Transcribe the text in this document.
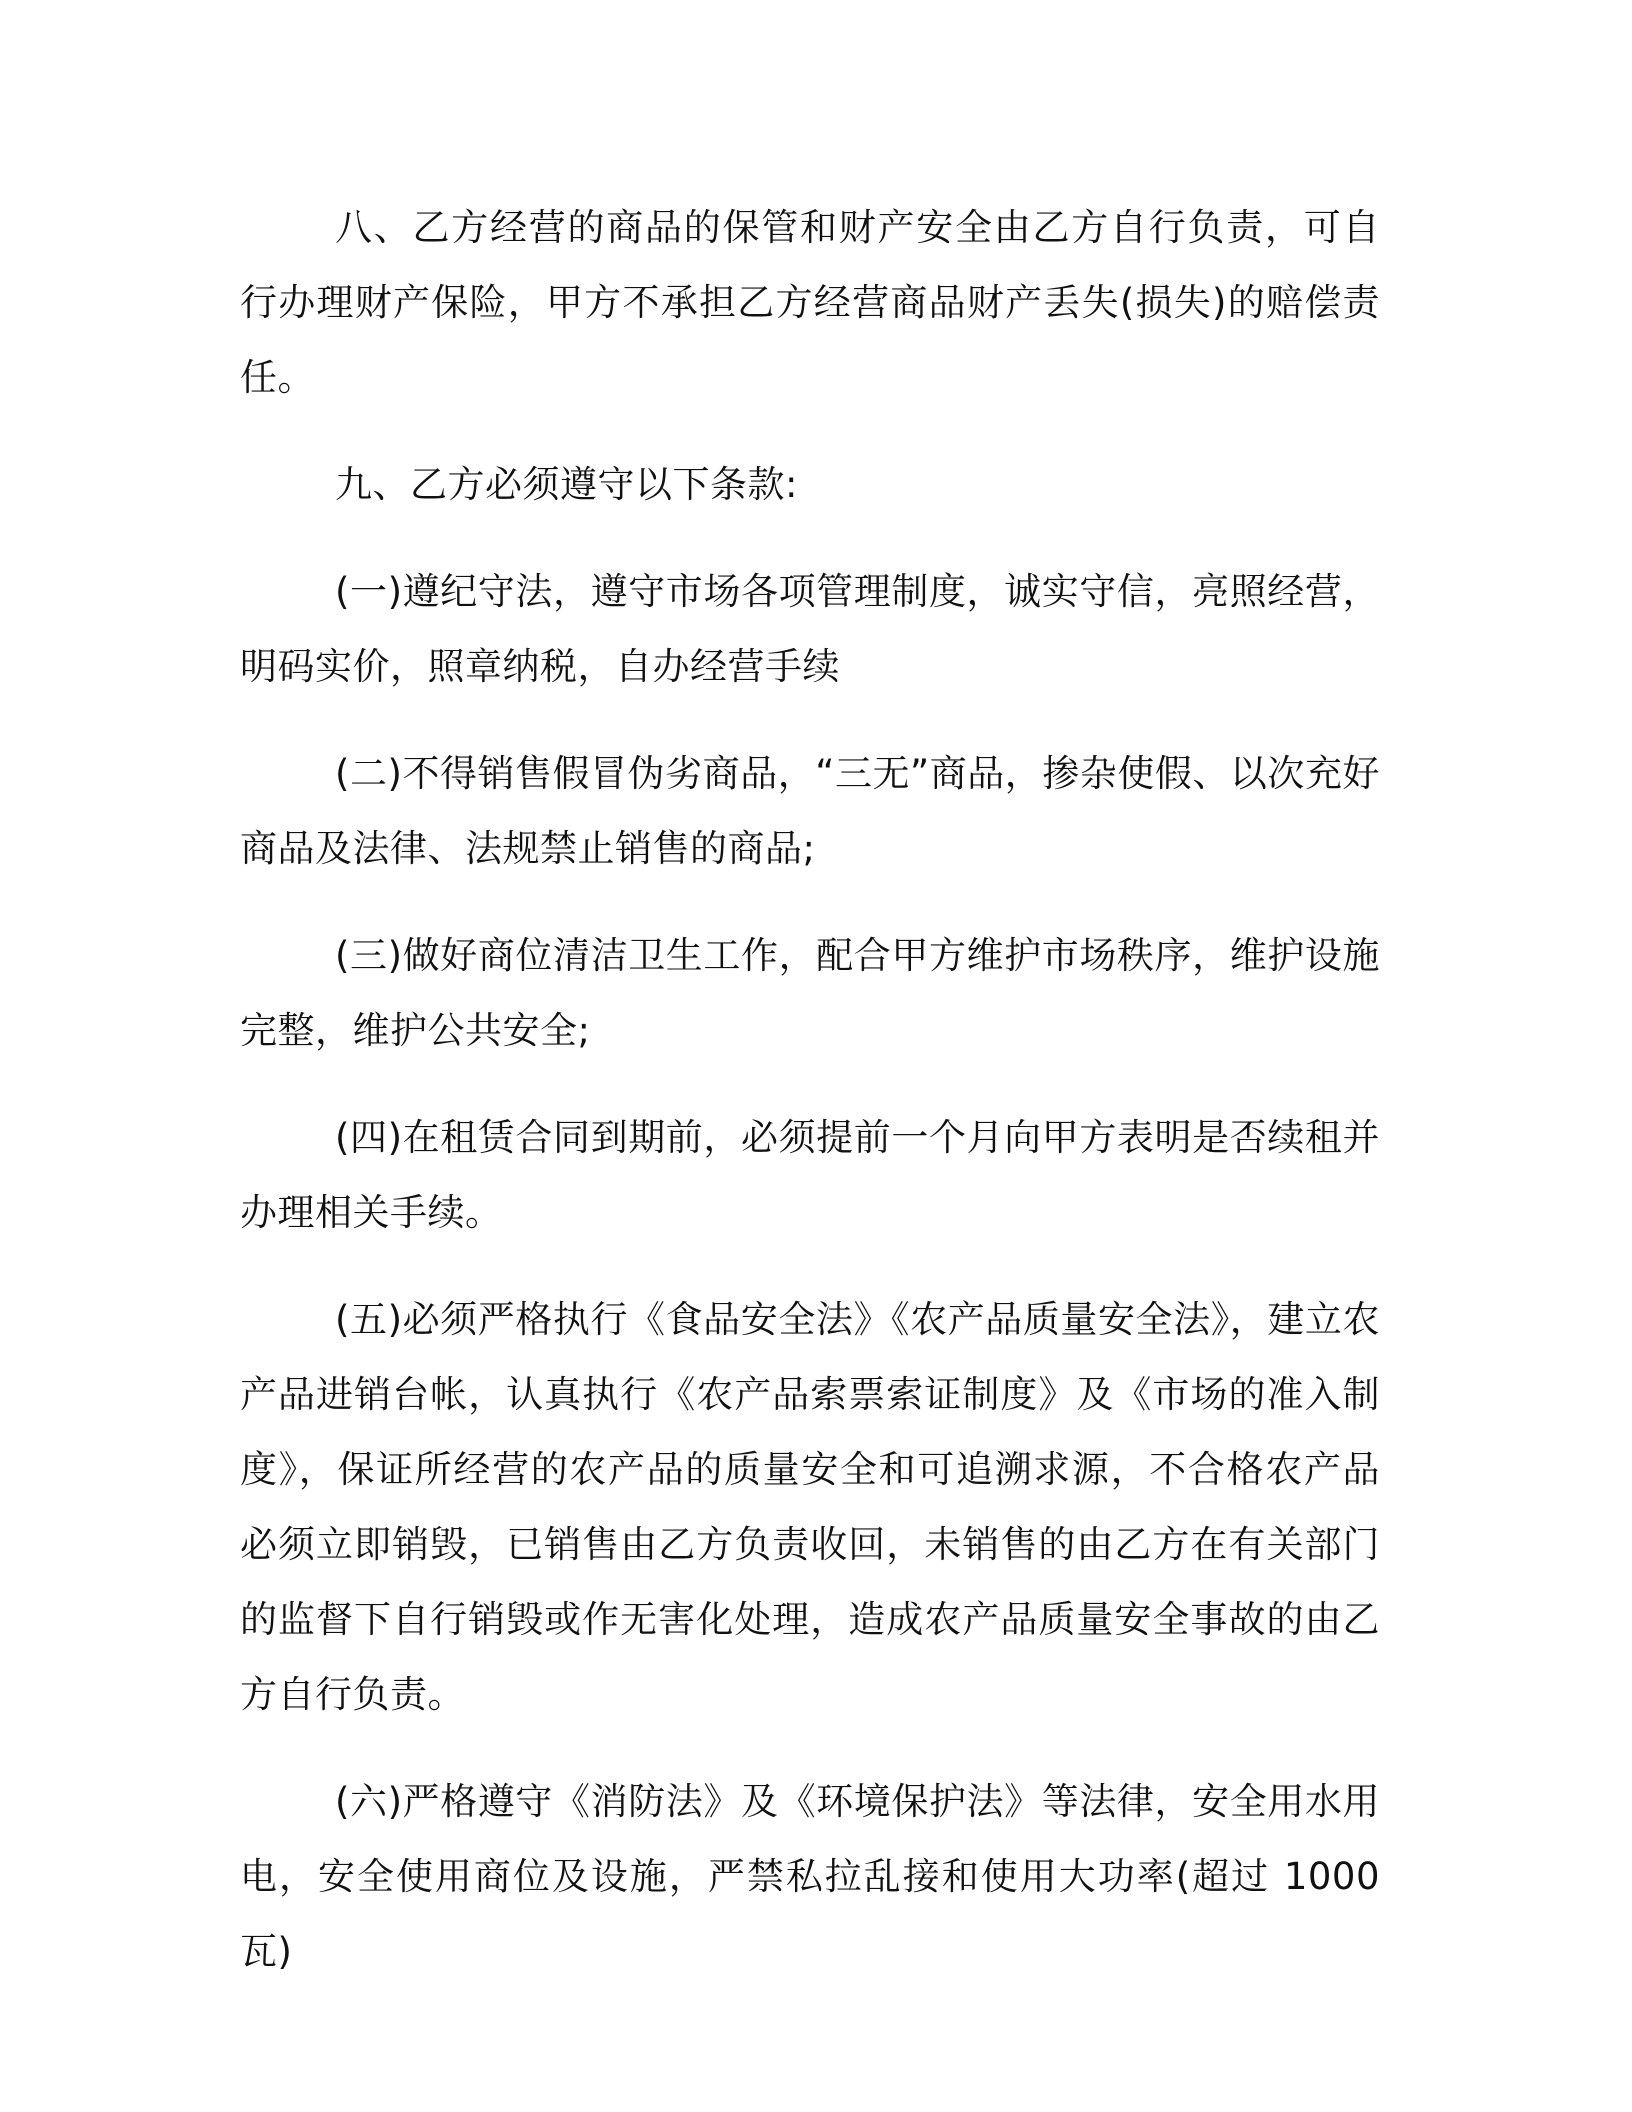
八、乙方经营的商品的保管和财产安全由乙方自行负责，可自行办理财产保险，甲方不承担乙方经营商品财产丢失(损失)的赔偿责任。

九、乙方必须遵守以下条款:

(一)遵纪守法，遵守市场各项管理制度，诚实守信，亮照经营，明码实价，照章纳税，自办经营手续

(二)不得销售假冒伪劣商品，“三无”商品，掺杂使假、以次充好商品及法律、法规禁止销售的商品;

(三)做好商位清洁卫生工作，配合甲方维护市场秩序，维护设施完整，维护公共安全;

(四)在租赁合同到期前，必须提前一个月向甲方表明是否续租并办理相关手续。

(五)必须严格执行《食品安全法》《农产品质量安全法》，建立农产品进销台帐，认真执行《农产品索票索证制度》及《市场的准入制度》，保证所经营的农产品的质量安全和可追溯求源，不合格农产品必须立即销毁，已销售由乙方负责收回，未销售的由乙方在有关部门的监督下自行销毁或作无害化处理，造成农产品质量安全事故的由乙方自行负责。

(六)严格遵守《消防法》及《环境保护法》等法律，安全用水用电，安全使用商位及设施，严禁私拉乱接和使用大功率(超过 1000 瓦)
